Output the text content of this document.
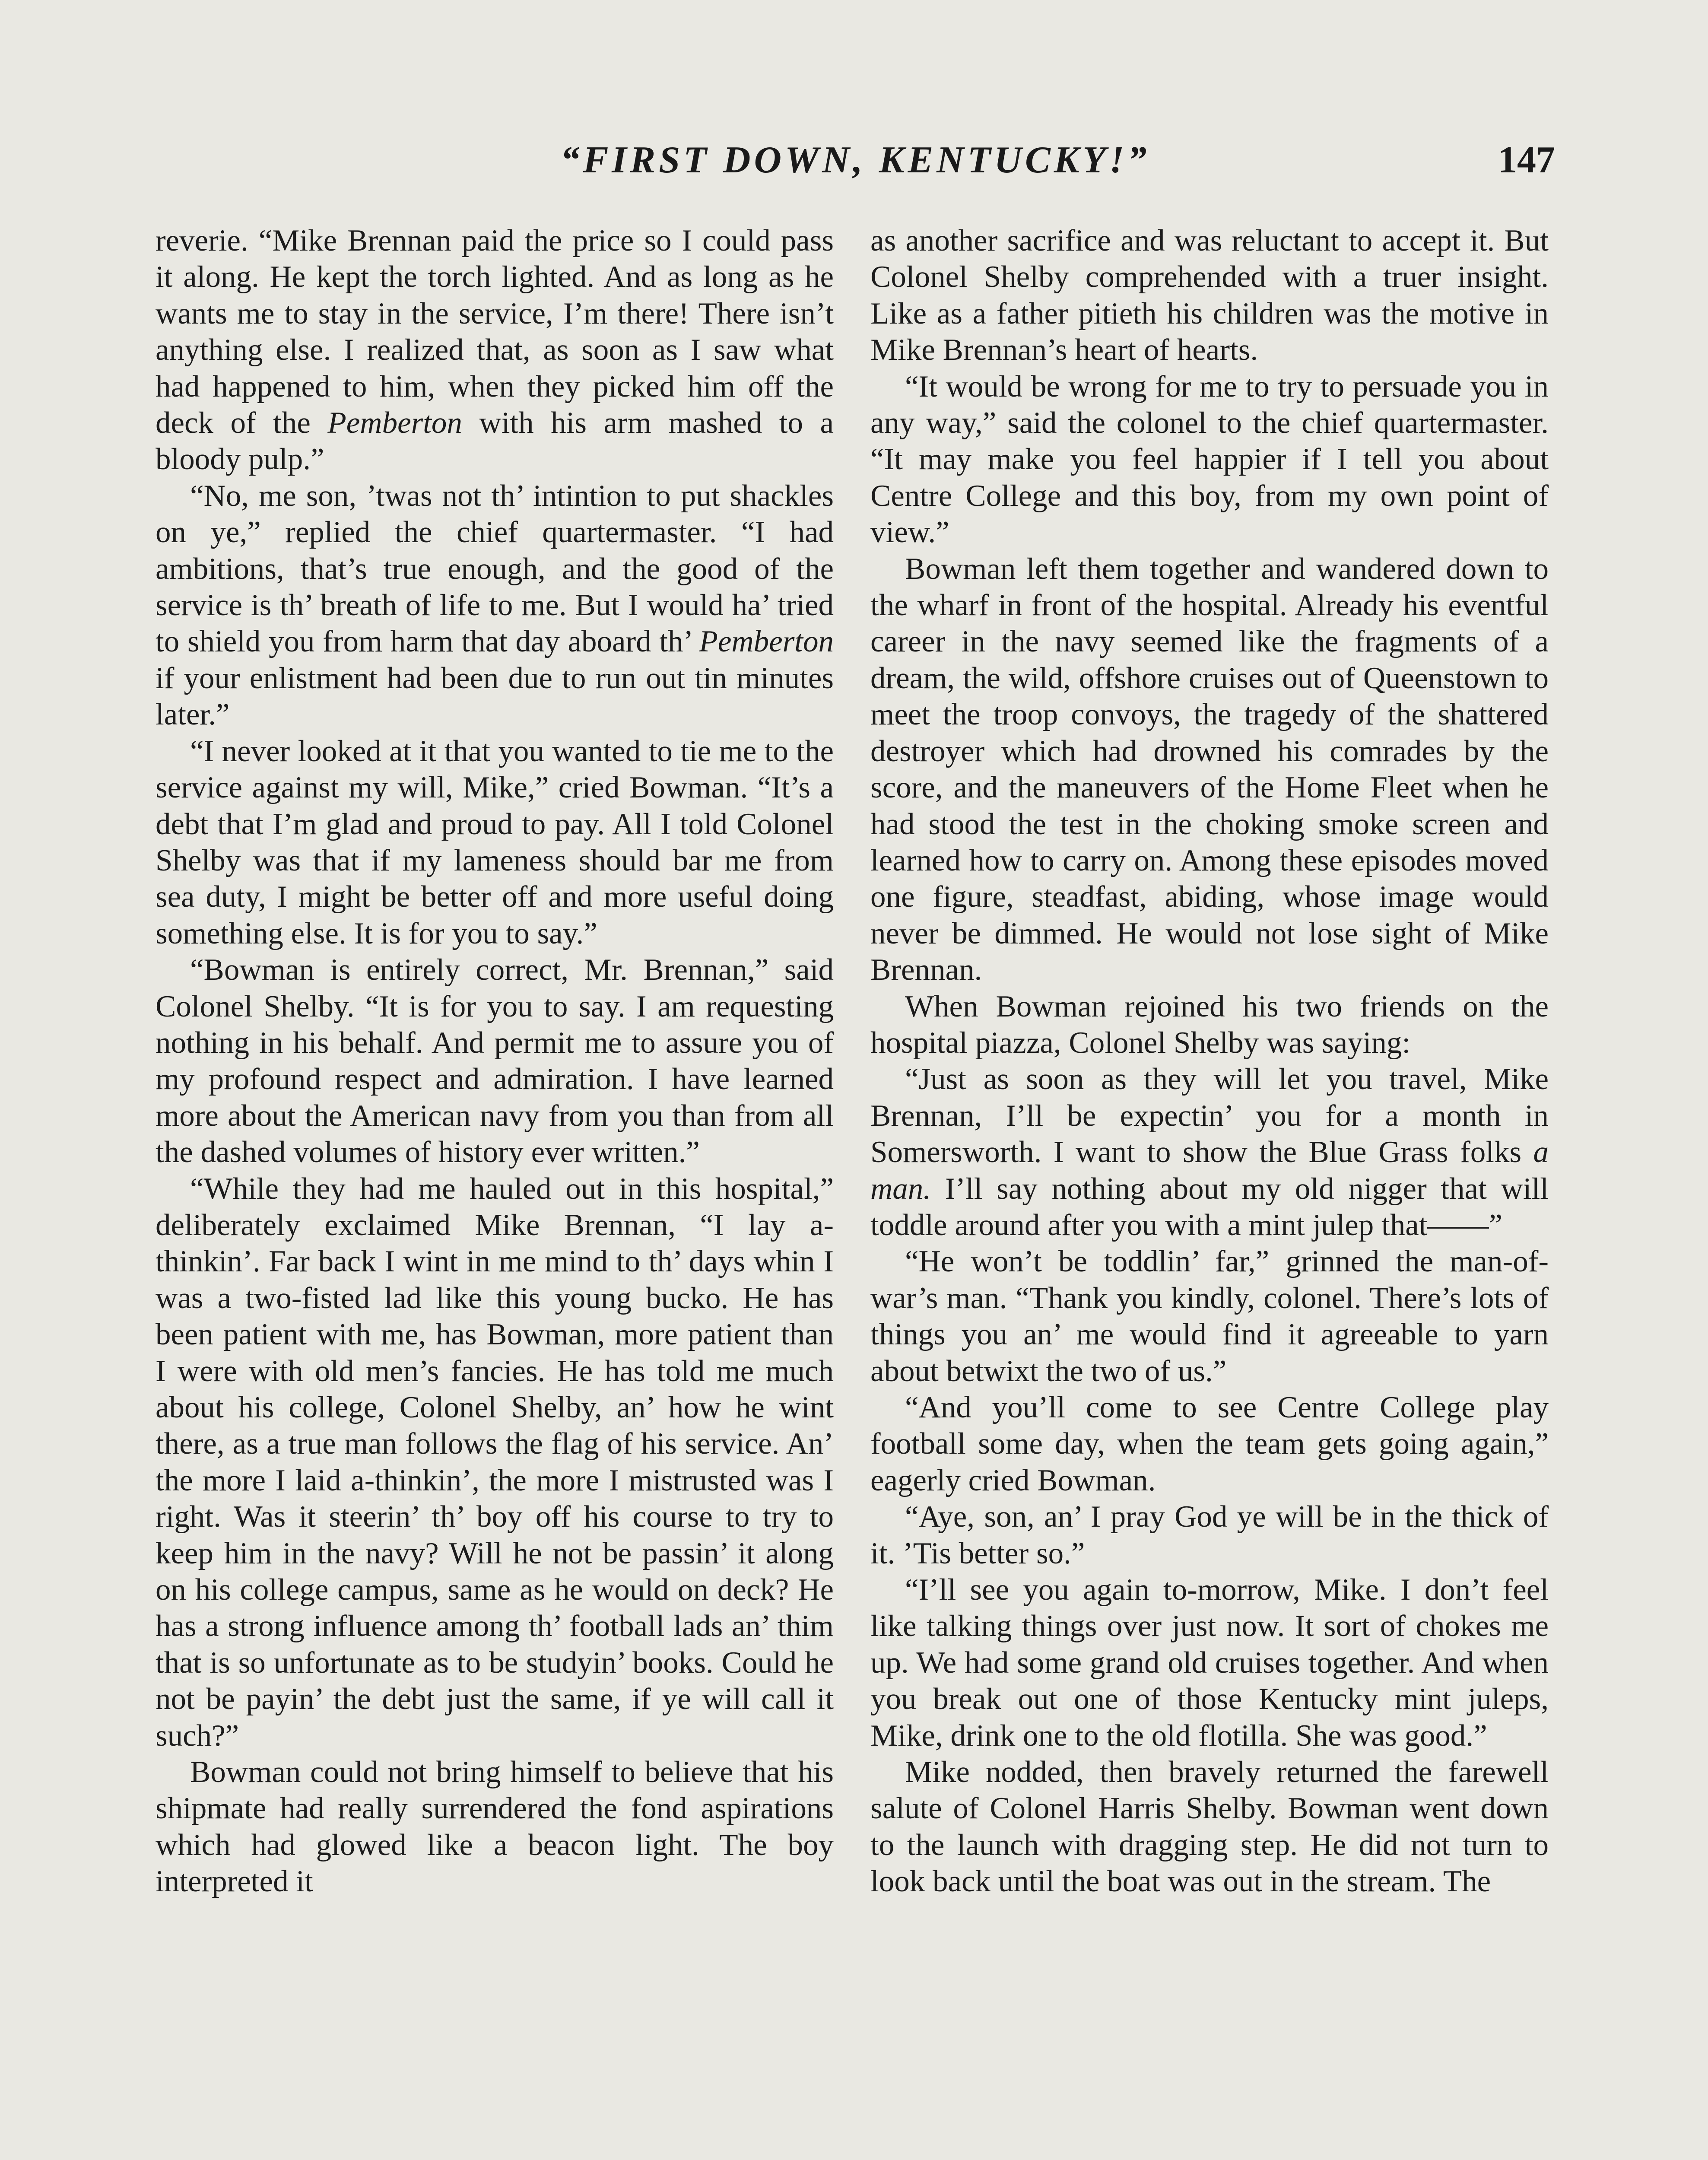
“FIRST DOWN, KENTUCKY!”	147

reverie. “Mike Brennan paid the price so I could pass it along. He kept the torch lighted. And as long as he wants me to stay in the service, I’m there! There isn’t anything else. I realized that, as soon as I saw what had happened to him, when they picked him off the deck of the Pemberton with his arm mashed to a bloody pulp.”

“No, me son, ’twas not th’ intintion to put shackles on ye,” replied the chief quartermaster. “I had ambitions, that’s true enough, and the good of the service is th’ breath of life to me. But I would ha’ tried to shield you from harm that day aboard th’ Pemberton if your enlistment had been due to run out tin minutes later.”

“I never looked at it that you wanted to tie me to the service against my will, Mike,” cried Bowman. “It’s a debt that I’m glad and proud to pay. All I told Colonel Shelby was that if my lameness should bar me from sea duty, I might be better off and more useful doing something else. It is for you to say.”

“Bowman is entirely correct, Mr. Brennan,” said Colonel Shelby. “It is for you to say. I am requesting nothing in his behalf. And permit me to assure you of my profound respect and admiration. I have learned more about the American navy from you than from all the dashed volumes of history ever written.”

“While they had me hauled out in this hospital,” deliberately exclaimed Mike Brennan, “I lay a-thinkin’. Far back I wint in me mind to th’ days whin I was a two-fisted lad like this young bucko. He has been patient with me, has Bowman, more patient than I were with old men’s fancies. He has told me much about his college, Colonel Shelby, an’ how he wint there, as a true man follows the flag of his service. An’ the more I laid a-thinkin’, the more I mistrusted was I right. Was it steerin’ th’ boy off his course to try to keep him in the navy? Will he not be passin’ it along on his college campus, same as he would on deck? He has a strong influence among th’ football lads an’ thim that is so unfortunate as to be studyin’ books. Could he not be payin’ the debt just the same, if ye will call it such?”

Bowman could not bring himself to believe that his shipmate had really surrendered the fond aspirations which had glowed like a beacon light. The boy interpreted it

as another sacrifice and was reluctant to accept it. But Colonel Shelby comprehended with a truer insight. Like as a father pitieth his children was the motive in Mike Brennan’s heart of hearts.

“It would be wrong for me to try to persuade you in any way,” said the colonel to the chief quartermaster. “It may make you feel happier if I tell you about Centre College and this boy, from my own point of view.”

Bowman left them together and wandered down to the wharf in front of the hospital. Already his eventful career in the navy seemed like the fragments of a dream, the wild, offshore cruises out of Queenstown to meet the troop convoys, the tragedy of the shattered destroyer which had drowned his comrades by the score, and the maneuvers of the Home Fleet when he had stood the test in the choking smoke screen and learned how to carry on. Among these episodes moved one figure, steadfast, abiding, whose image would never be dimmed. He would not lose sight of Mike Brennan.

When Bowman rejoined his two friends on the hospital piazza, Colonel Shelby was saying:

“Just as soon as they will let you travel, Mike Brennan, I’ll be expectin’ you for a month in Somersworth. I want to show the Blue Grass folks a man. I’ll say nothing about my old nigger that will toddle around after you with a mint julep that——”

“He won’t be toddlin’ far,” grinned the man-of-war’s man. “Thank you kindly, colonel. There’s lots of things you an’ me would find it agreeable to yarn about betwixt the two of us.”

“And you’ll come to see Centre College play football some day, when the team gets going again,” eagerly cried Bowman.

“Aye, son, an’ I pray God ye will be in the thick of it. ’Tis better so.”

“I’ll see you again to-morrow, Mike. I don’t feel like talking things over just now. It sort of chokes me up. We had some grand old cruises together. And when you break out one of those Kentucky mint juleps, Mike, drink one to the old flotilla. She was good.”

Mike nodded, then bravely returned the farewell salute of Colonel Harris Shelby. Bowman went down to the launch with dragging step. He did not turn to look back until the boat was out in the stream. The
